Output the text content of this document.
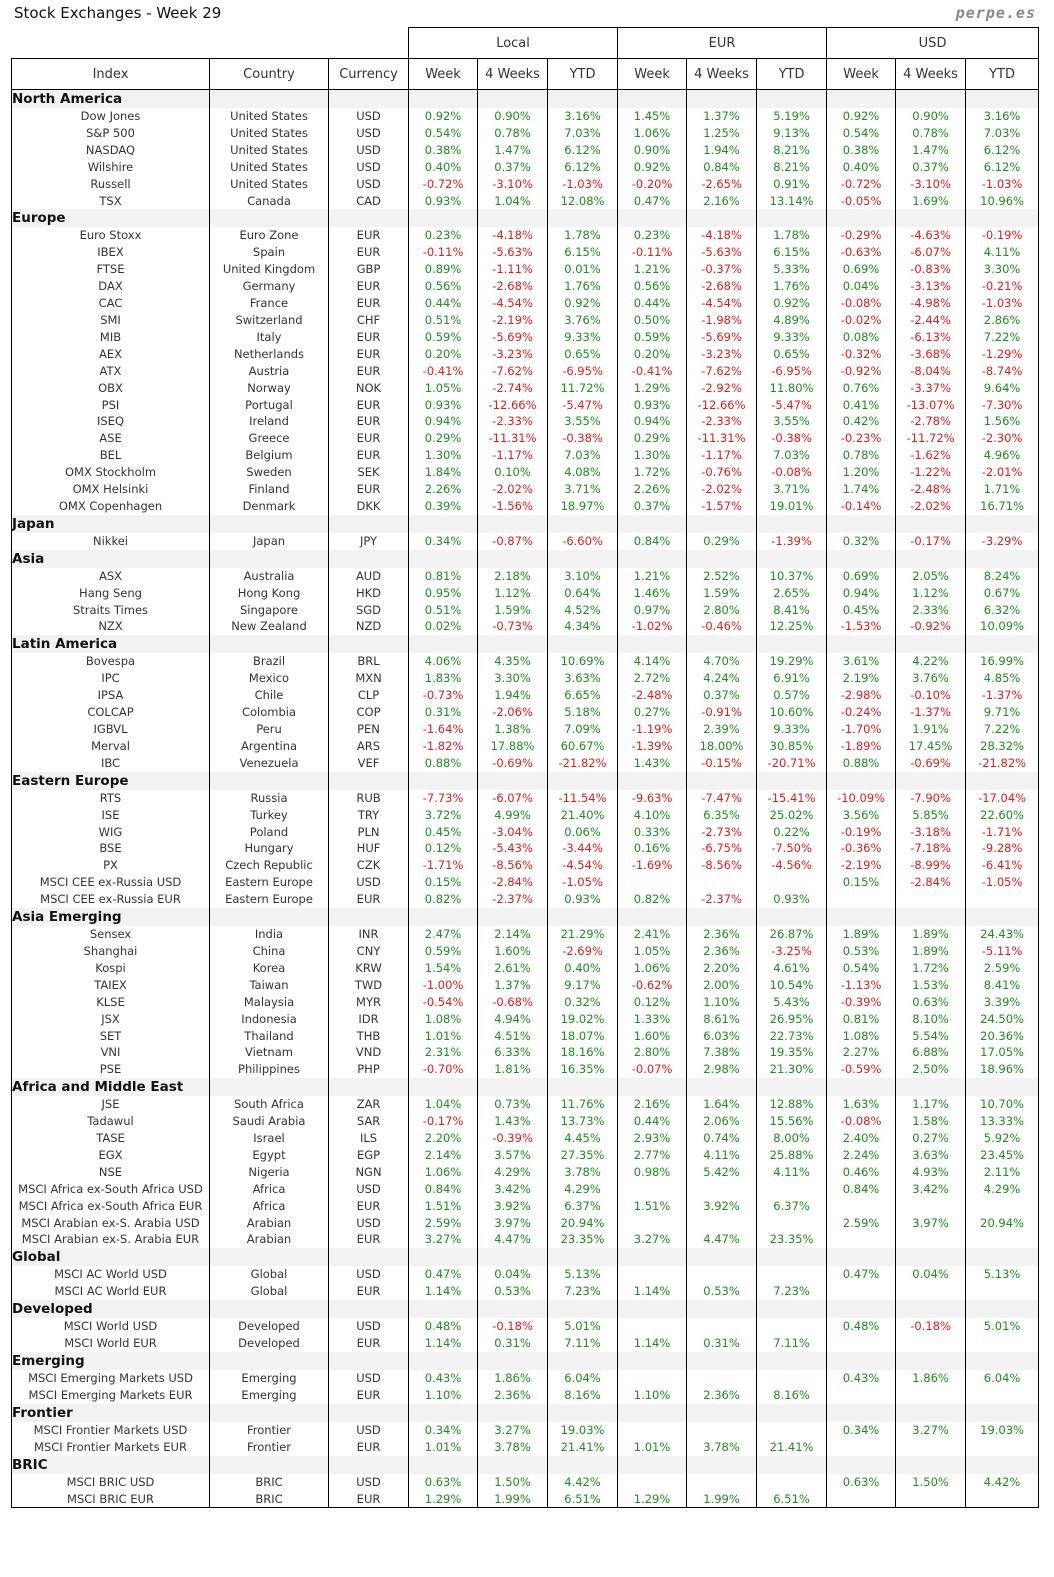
Stock Exchanges - Week 29	perpe.es
			Local			EUR			USD		
Index	Country	Currency	Week	4 Weeks	YTD	Week	4 Weeks	YTD	Week	4 Weeks	YTD
North America											
Dow Jones	United States	USD	0.92%	0.90%	3.16%	1.45%	1.37%	5.19%	0.92%	0.90%	3.16%
S&P 500	United States	USD	0.54%	0.78%	7.03%	1.06%	1.25%	9.13%	0.54%	0.78%	7.03%
NASDAQ	United States	USD	0.38%	1.47%	6.12%	0.90%	1.94%	8.21%	0.38%	1.47%	6.12%
Wilshire	United States	USD	0.40%	0.37%	6.12%	0.92%	0.84%	8.21%	0.40%	0.37%	6.12%
Russell	United States	USD	-0.72%	-3.10%	-1.03%	-0.20%	-2.65%	0.91%	-0.72%	-3.10%	-1.03%
TSX	Canada	CAD	0.93%	1.04%	12.08%	0.47%	2.16%	13.14%	-0.05%	1.69%	10.96%
Europe											
Euro Stoxx	Euro Zone	EUR	0.23%	-4.18%	1.78%	0.23%	-4.18%	1.78%	-0.29%	-4.63%	-0.19%
IBEX	Spain	EUR	-0.11%	-5.63%	6.15%	-0.11%	-5.63%	6.15%	-0.63%	-6.07%	4.11%
FTSE	United Kingdom	GBP	0.89%	-1.11%	0.01%	1.21%	-0.37%	5.33%	0.69%	-0.83%	3.30%
DAX	Germany	EUR	0.56%	-2.68%	1.76%	0.56%	-2.68%	1.76%	0.04%	-3.13%	-0.21%
CAC	France	EUR	0.44%	-4.54%	0.92%	0.44%	-4.54%	0.92%	-0.08%	-4.98%	-1.03%
SMI	Switzerland	CHF	0.51%	-2.19%	3.76%	0.50%	-1.98%	4.89%	-0.02%	-2.44%	2.86%
MIB	Italy	EUR	0.59%	-5.69%	9.33%	0.59%	-5.69%	9.33%	0.08%	-6.13%	7.22%
AEX	Netherlands	EUR	0.20%	-3.23%	0.65%	0.20%	-3.23%	0.65%	-0.32%	-3.68%	-1.29%
ATX	Austria	EUR	-0.41%	-7.62%	-6.95%	-0.41%	-7.62%	-6.95%	-0.92%	-8.04%	-8.74%
OBX	Norway	NOK	1.05%	-2.74%	11.72%	1.29%	-2.92%	11.80%	0.76%	-3.37%	9.64%
PSI	Portugal	EUR	0.93%	-12.66%	-5.47%	0.93%	-12.66%	-5.47%	0.41%	-13.07%	-7.30%
ISEQ	Ireland	EUR	0.94%	-2.33%	3.55%	0.94%	-2.33%	3.55%	0.42%	-2.78%	1.56%
ASE	Greece	EUR	0.29%	-11.31%	-0.38%	0.29%	-11.31%	-0.38%	-0.23%	-11.72%	-2.30%
BEL	Belgium	EUR	1.30%	-1.17%	7.03%	1.30%	-1.17%	7.03%	0.78%	-1.62%	4.96%
OMX Stockholm	Sweden	SEK	1.84%	0.10%	4.08%	1.72%	-0.76%	-0.08%	1.20%	-1.22%	-2.01%
OMX Helsinki	Finland	EUR	2.26%	-2.02%	3.71%	2.26%	-2.02%	3.71%	1.74%	-2.48%	1.71%
OMX Copenhagen	Denmark	DKK	0.39%	-1.56%	18.97%	0.37%	-1.57%	19.01%	-0.14%	-2.02%	16.71%
Japan											
Nikkei	Japan	JPY	0.34%	-0.87%	-6.60%	0.84%	0.29%	-1.39%	0.32%	-0.17%	-3.29%
Asia											
ASX	Australia	AUD	0.81%	2.18%	3.10%	1.21%	2.52%	10.37%	0.69%	2.05%	8.24%
Hang Seng	Hong Kong	HKD	0.95%	1.12%	0.64%	1.46%	1.59%	2.65%	0.94%	1.12%	0.67%
Straits Times	Singapore	SGD	0.51%	1.59%	4.52%	0.97%	2.80%	8.41%	0.45%	2.33%	6.32%
NZX	New Zealand	NZD	0.02%	-0.73%	4.34%	-1.02%	-0.46%	12.25%	-1.53%	-0.92%	10.09%
Latin America											
Bovespa	Brazil	BRL	4.06%	4.35%	10.69%	4.14%	4.70%	19.29%	3.61%	4.22%	16.99%
IPC	Mexico	MXN	1.83%	3.30%	3.63%	2.72%	4.24%	6.91%	2.19%	3.76%	4.85%
IPSA	Chile	CLP	-0.73%	1.94%	6.65%	-2.48%	0.37%	0.57%	-2.98%	-0.10%	-1.37%
COLCAP	Colombia	COP	0.31%	-2.06%	5.18%	0.27%	-0.91%	10.60%	-0.24%	-1.37%	9.71%
IGBVL	Peru	PEN	-1.64%	1.38%	7.09%	-1.19%	2.39%	9.33%	-1.70%	1.91%	7.22%
Merval	Argentina	ARS	-1.82%	17.88%	60.67%	-1.39%	18.00%	30.85%	-1.89%	17.45%	28.32%
IBC	Venezuela	VEF	0.88%	-0.69%	-21.82%	1.43%	-0.15%	-20.71%	0.88%	-0.69%	-21.82%
Eastern Europe											
RTS	Russia	RUB	-7.73%	-6.07%	-11.54%	-9.63%	-7.47%	-15.41%	-10.09%	-7.90%	-17.04%
ISE	Turkey	TRY	3.72%	4.99%	21.40%	4.10%	6.35%	25.02%	3.56%	5.85%	22.60%
WIG	Poland	PLN	0.45%	-3.04%	0.06%	0.33%	-2.73%	0.22%	-0.19%	-3.18%	-1.71%
BSE	Hungary	HUF	0.12%	-5.43%	-3.44%	0.16%	-6.75%	-7.50%	-0.36%	-7.18%	-9.28%
PX	Czech Republic	CZK	-1.71%	-8.56%	-4.54%	-1.69%	-8.56%	-4.56%	-2.19%	-8.99%	-6.41%
MSCI CEE ex-Russia USD	Eastern Europe	USD	0.15%	-2.84%	-1.05%				0.15%	-2.84%	-1.05%
MSCI CEE ex-Russia EUR	Eastern Europe	EUR	0.82%	-2.37%	0.93%	0.82%	-2.37%	0.93%			
Asia Emerging											
Sensex	India	INR	2.47%	2.14%	21.29%	2.41%	2.36%	26.87%	1.89%	1.89%	24.43%
Shanghai	China	CNY	0.59%	1.60%	-2.69%	1.05%	2.36%	-3.25%	0.53%	1.89%	-5.11%
Kospi	Korea	KRW	1.54%	2.61%	0.40%	1.06%	2.20%	4.61%	0.54%	1.72%	2.59%
TAIEX	Taiwan	TWD	-1.00%	1.37%	9.17%	-0.62%	2.00%	10.54%	-1.13%	1.53%	8.41%
KLSE	Malaysia	MYR	-0.54%	-0.68%	0.32%	0.12%	1.10%	5.43%	-0.39%	0.63%	3.39%
JSX	Indonesia	IDR	1.08%	4.94%	19.02%	1.33%	8.61%	26.95%	0.81%	8.10%	24.50%
SET	Thailand	THB	1.01%	4.51%	18.07%	1.60%	6.03%	22.73%	1.08%	5.54%	20.36%
VNI	Vietnam	VND	2.31%	6.33%	18.16%	2.80%	7.38%	19.35%	2.27%	6.88%	17.05%
PSE	Philippines	PHP	-0.70%	1.81%	16.35%	-0.07%	2.98%	21.30%	-0.59%	2.50%	18.96%
Africa and Middle East											
JSE	South Africa	ZAR	1.04%	0.73%	11.76%	2.16%	1.64%	12.88%	1.63%	1.17%	10.70%
Tadawul	Saudi Arabia	SAR	-0.17%	1.43%	13.73%	0.44%	2.06%	15.56%	-0.08%	1.58%	13.33%
TASE	Israel	ILS	2.20%	-0.39%	4.45%	2.93%	0.74%	8.00%	2.40%	0.27%	5.92%
EGX	Egypt	EGP	2.14%	3.57%	27.35%	2.77%	4.11%	25.88%	2.24%	3.63%	23.45%
NSE	Nigeria	NGN	1.06%	4.29%	3.78%	0.98%	5.42%	4.11%	0.46%	4.93%	2.11%
MSCI Africa ex-South Africa USD	Africa	USD	0.84%	3.42%	4.29%				0.84%	3.42%	4.29%
MSCI Africa ex-South Africa EUR	Africa	EUR	1.51%	3.92%	6.37%	1.51%	3.92%	6.37%			
MSCI Arabian ex-S. Arabia USD	Arabian	USD	2.59%	3.97%	20.94%				2.59%	3.97%	20.94%
MSCI Arabian ex-S. Arabia EUR	Arabian	EUR	3.27%	4.47%	23.35%	3.27%	4.47%	23.35%			
Global											
MSCI AC World USD	Global	USD	0.47%	0.04%	5.13%				0.47%	0.04%	5.13%
MSCI AC World EUR	Global	EUR	1.14%	0.53%	7.23%	1.14%	0.53%	7.23%			
Developed											
MSCI World USD	Developed	USD	0.48%	-0.18%	5.01%				0.48%	-0.18%	5.01%
MSCI World EUR	Developed	EUR	1.14%	0.31%	7.11%	1.14%	0.31%	7.11%			
Emerging											
MSCI Emerging Markets USD	Emerging	USD	0.43%	1.86%	6.04%				0.43%	1.86%	6.04%
MSCI Emerging Markets EUR	Emerging	EUR	1.10%	2.36%	8.16%	1.10%	2.36%	8.16%			
Frontier											
MSCI Frontier Markets USD	Frontier	USD	0.34%	3.27%	19.03%				0.34%	3.27%	19.03%
MSCI Frontier Markets EUR	Frontier	EUR	1.01%	3.78%	21.41%	1.01%	3.78%	21.41%			
BRIC											
MSCI BRIC USD	BRIC	USD	0.63%	1.50%	4.42%				0.63%	1.50%	4.42%
MSCI BRIC EUR	BRIC	EUR	1.29%	1.99%	6.51%	1.29%	1.99%	6.51%			
